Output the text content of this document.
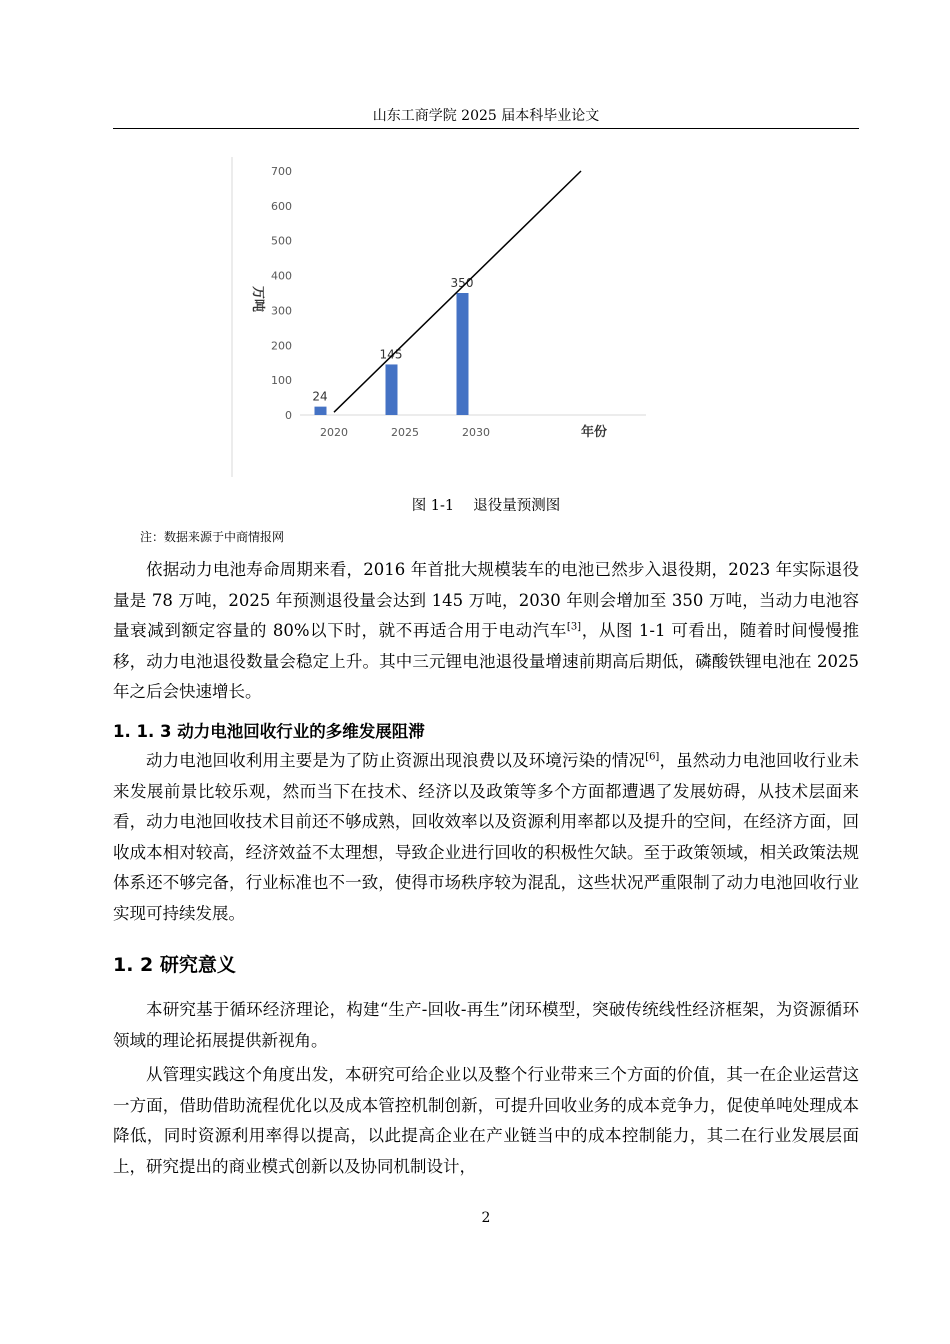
山东工商学院 2025 届本科毕业论文
0
100
200
300
400
500
600
700
24
145
350
2020	2025	2030	年份
万吨
图 1-1　 退役量预测图
注：数据来源于中商情报网

依据动力电池寿命周期来看，2016 年首批大规模装车的电池已然步入退役期，2023 年实际退役量是 78 万吨，2025 年预测退役量会达到 145 万吨，2030 年则会增加至 350 万吨，当动力电池容量衰减到额定容量的 80%以下时，就不再适合用于电动汽车[3]，从图 1-1 可看出，随着时间慢慢推移，动力电池退役数量会稳定上升。其中三元锂电池退役量增速前期高后期低，磷酸铁锂电池在 2025 年之后会快速增长。

1. 1. 3 动力电池回收行业的多维发展阻滞

动力电池回收利用主要是为了防止资源出现浪费以及环境污染的情况[6]，虽然动力电池回收行业未来发展前景比较乐观，然而当下在技术、经济以及政策等多个方面都遭遇了发展妨碍，从技术层面来看，动力电池回收技术目前还不够成熟，回收效率以及资源利用率都以及提升的空间，在经济方面，回收成本相对较高，经济效益不太理想，导致企业进行回收的积极性欠缺。至于政策领域，相关政策法规体系还不够完备，行业标准也不一致，使得市场秩序较为混乱，这些状况严重限制了动力电池回收行业实现可持续发展。

1. 2 研究意义

本研究基于循环经济理论，构建“生产-回收-再生”闭环模型，突破传统线性经济框架，为资源循环领域的理论拓展提供新视角。

从管理实践这个角度出发，本研究可给企业以及整个行业带来三个方面的价值，其一在企业运营这一方面，借助借助流程优化以及成本管控机制创新，可提升回收业务的成本竞争力，促使单吨处理成本降低，同时资源利用率得以提高，以此提高企业在产业链当中的成本控制能力，其二在行业发展层面上，研究提出的商业模式创新以及协同机制设计，

2
